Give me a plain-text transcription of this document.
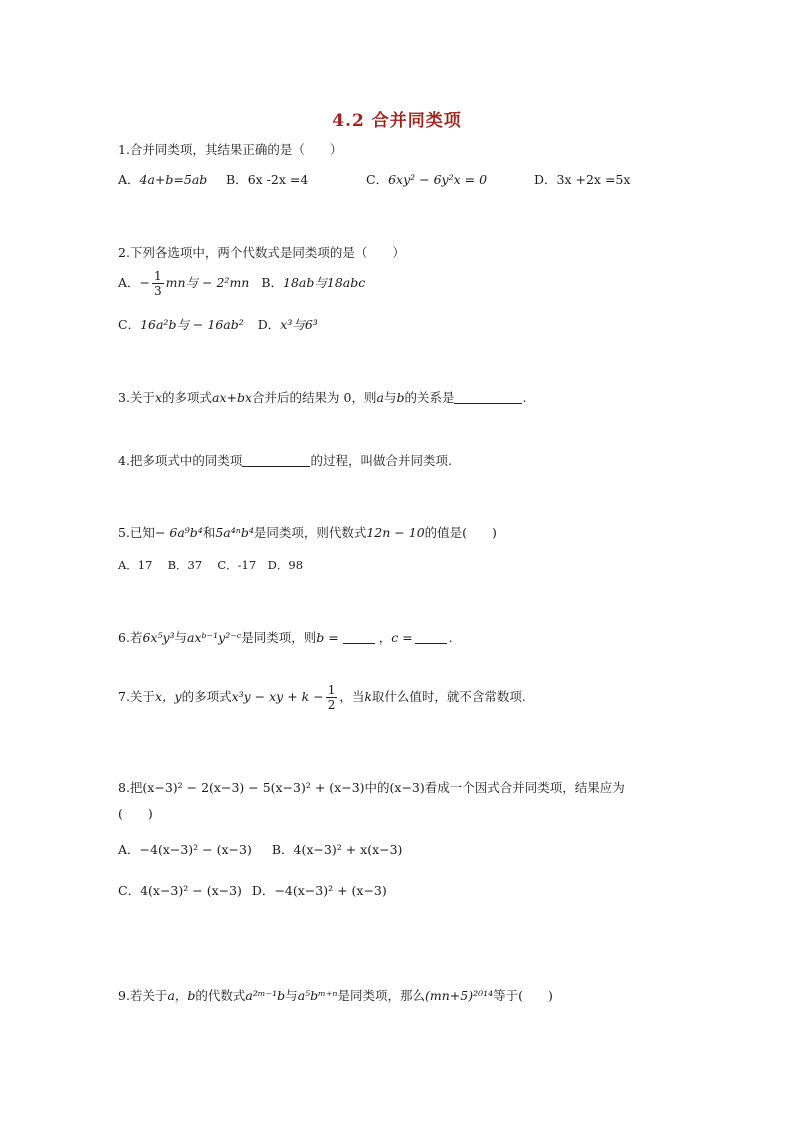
4.2 合并同类项
1.合并同类项，其结果正确的是（　　）
A．4a+b=5ab B．6x -2x =4	C．6xy² − 6y²x = 0	D．3x +2x =5x
2.下列各选项中，两个代数式是同类项的是（　　）
A．− $\frac{1}{3}$ mn与 − 2²mn B．18ab与18abc
C．16a²b与 − 16ab² D．x³与6³
3.关于x的多项式ax+bx合并后的结果为 0，则a与b的关系是	.
4.把多项式中的同类项	的过程，叫做合并同类项.
5.已知− 6a⁹b⁴和5a⁴ⁿb⁴是同类项，则代数式12n − 10的值是(　　)
A．17　 B．37　 C．-17　D．98
6.若6x⁵y³与axᵇ⁻¹y²⁻ᶜ是同类项，则b =	，c =	.
7.关于x，y的多项式x³y − xy + $k - \frac{1}{2}$ ，当k取什么值时，就不含常数项.
8.把(x−3)² − 2(x−3) − 5(x−3)² + (x−3)中的(x−3)看成一个因式合并同类项，结果应为
(　　)
A．−4(x−3)² − (x−3) B．4(x−3)² + x(x−3)
C．4(x−3)² − (x−3) D．−4(x−3)² + (x−3)
9.若关于a，b的代数式a²ᵐ⁻¹b与a⁵bᵐ⁺ⁿ是同类项，那么(mn+5)²⁰¹⁴等于(　　)
